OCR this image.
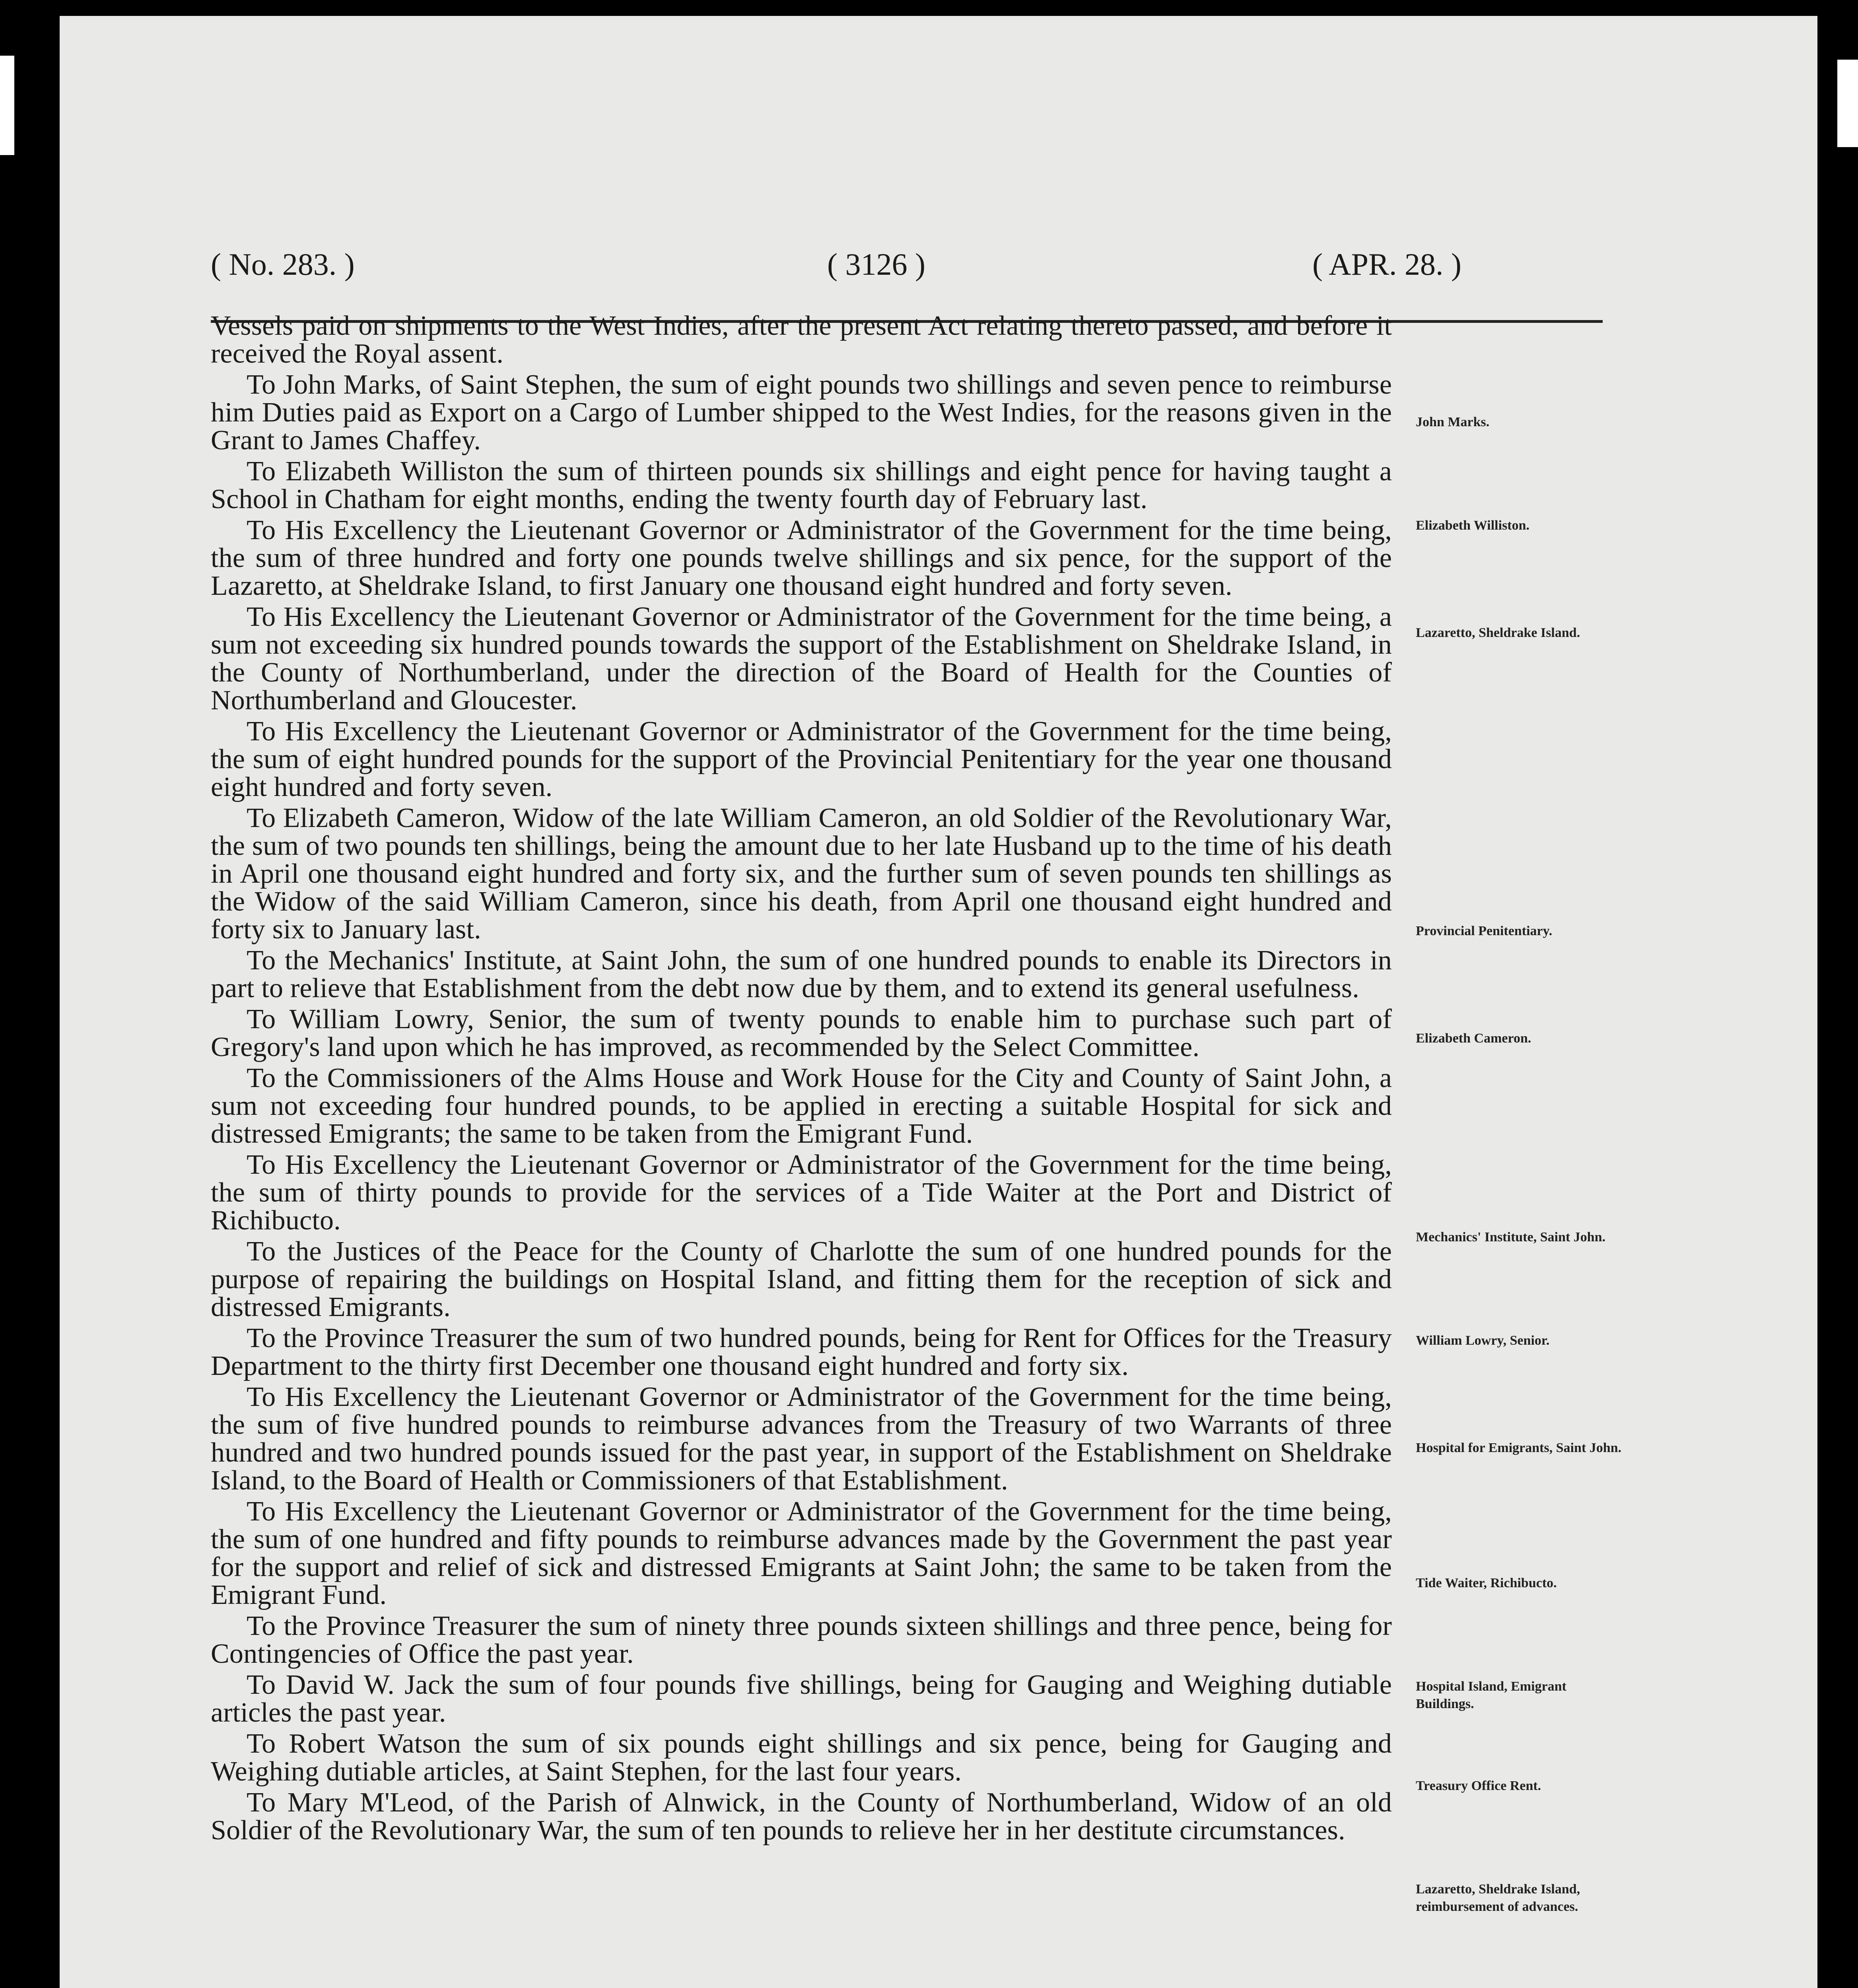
( No. 283. )	( 3126 )	( APR. 28. )

Vessels paid on shipments to the West Indies, after the present Act relating thereto passed, and before it received the Royal assent.

To John Marks, of Saint Stephen, the sum of eight pounds two shillings and seven pence to reimburse him Duties paid as Export on a Cargo of Lumber shipped to the West Indies, for the reasons given in the Grant to James Chaffey.

To Elizabeth Williston the sum of thirteen pounds six shillings and eight pence for having taught a School in Chatham for eight months, ending the twenty fourth day of February last.

To His Excellency the Lieutenant Governor or Administrator of the Government for the time being, the sum of three hundred and forty one pounds twelve shillings and six pence, for the support of the Lazaretto, at Sheldrake Island, to first January one thousand eight hundred and forty seven.

To His Excellency the Lieutenant Governor or Administrator of the Government for the time being, a sum not exceeding six hundred pounds towards the support of the Establishment on Sheldrake Island, in the County of Northumberland, under the direction of the Board of Health for the Counties of Northumberland and Gloucester.

To His Excellency the Lieutenant Governor or Administrator of the Government for the time being, the sum of eight hundred pounds for the support of the Provincial Penitentiary for the year one thousand eight hundred and forty seven.

To Elizabeth Cameron, Widow of the late William Cameron, an old Soldier of the Revolutionary War, the sum of two pounds ten shillings, being the amount due to her late Husband up to the time of his death in April one thousand eight hundred and forty six, and the further sum of seven pounds ten shillings as the Widow of the said William Cameron, since his death, from April one thousand eight hundred and forty six to January last.

To the Mechanics' Institute, at Saint John, the sum of one hundred pounds to enable its Directors in part to relieve that Establishment from the debt now due by them, and to extend its general usefulness.

To William Lowry, Senior, the sum of twenty pounds to enable him to purchase such part of Gregory's land upon which he has improved, as recommended by the Select Committee.

To the Commissioners of the Alms House and Work House for the City and County of Saint John, a sum not exceeding four hundred pounds, to be applied in erecting a suitable Hospital for sick and distressed Emigrants; the same to be taken from the Emigrant Fund.

To His Excellency the Lieutenant Governor or Administrator of the Government for the time being, the sum of thirty pounds to provide for the services of a Tide Waiter at the Port and District of Richibucto.

To the Justices of the Peace for the County of Charlotte the sum of one hundred pounds for the purpose of repairing the buildings on Hospital Island, and fitting them for the reception of sick and distressed Emigrants.

To the Province Treasurer the sum of two hundred pounds, being for Rent for Offices for the Treasury Department to the thirty first December one thousand eight hundred and forty six.

To His Excellency the Lieutenant Governor or Administrator of the Government for the time being, the sum of five hundred pounds to reimburse advances from the Treasury of two Warrants of three hundred and two hundred pounds issued for the past year, in support of the Establishment on Sheldrake Island, to the Board of Health or Commissioners of that Establishment.

To His Excellency the Lieutenant Governor or Administrator of the Government for the time being, the sum of one hundred and fifty pounds to reimburse advances made by the Government the past year for the support and relief of sick and distressed Emigrants at Saint John; the same to be taken from the Emigrant Fund.

To the Province Treasurer the sum of ninety three pounds sixteen shillings and three pence, being for Contingencies of Office the past year.

To David W. Jack the sum of four pounds five shillings, being for Gauging and Weighing dutiable articles the past year.

To Robert Watson the sum of six pounds eight shillings and six pence, being for Gauging and Weighing dutiable articles, at Saint Stephen, for the last four years.

To Mary M'Leod, of the Parish of Alnwick, in the County of Northumberland, Widow of an old Soldier of the Revolutionary War, the sum of ten pounds to relieve her in her destitute circumstances.

John Marks.
Elizabeth Williston.
Lazaretto, Sheldrake Island.
Provincial Penitentiary.
Elizabeth Cameron.
Mechanics' Institute, Saint John.
William Lowry, Senior.
Hospital for Emigrants, Saint John.
Tide Waiter, Richibucto.
Hospital Island, Emigrant Buildings.
Treasury Office Rent.
Lazaretto, Sheldrake Island, reimbursement of advances.
